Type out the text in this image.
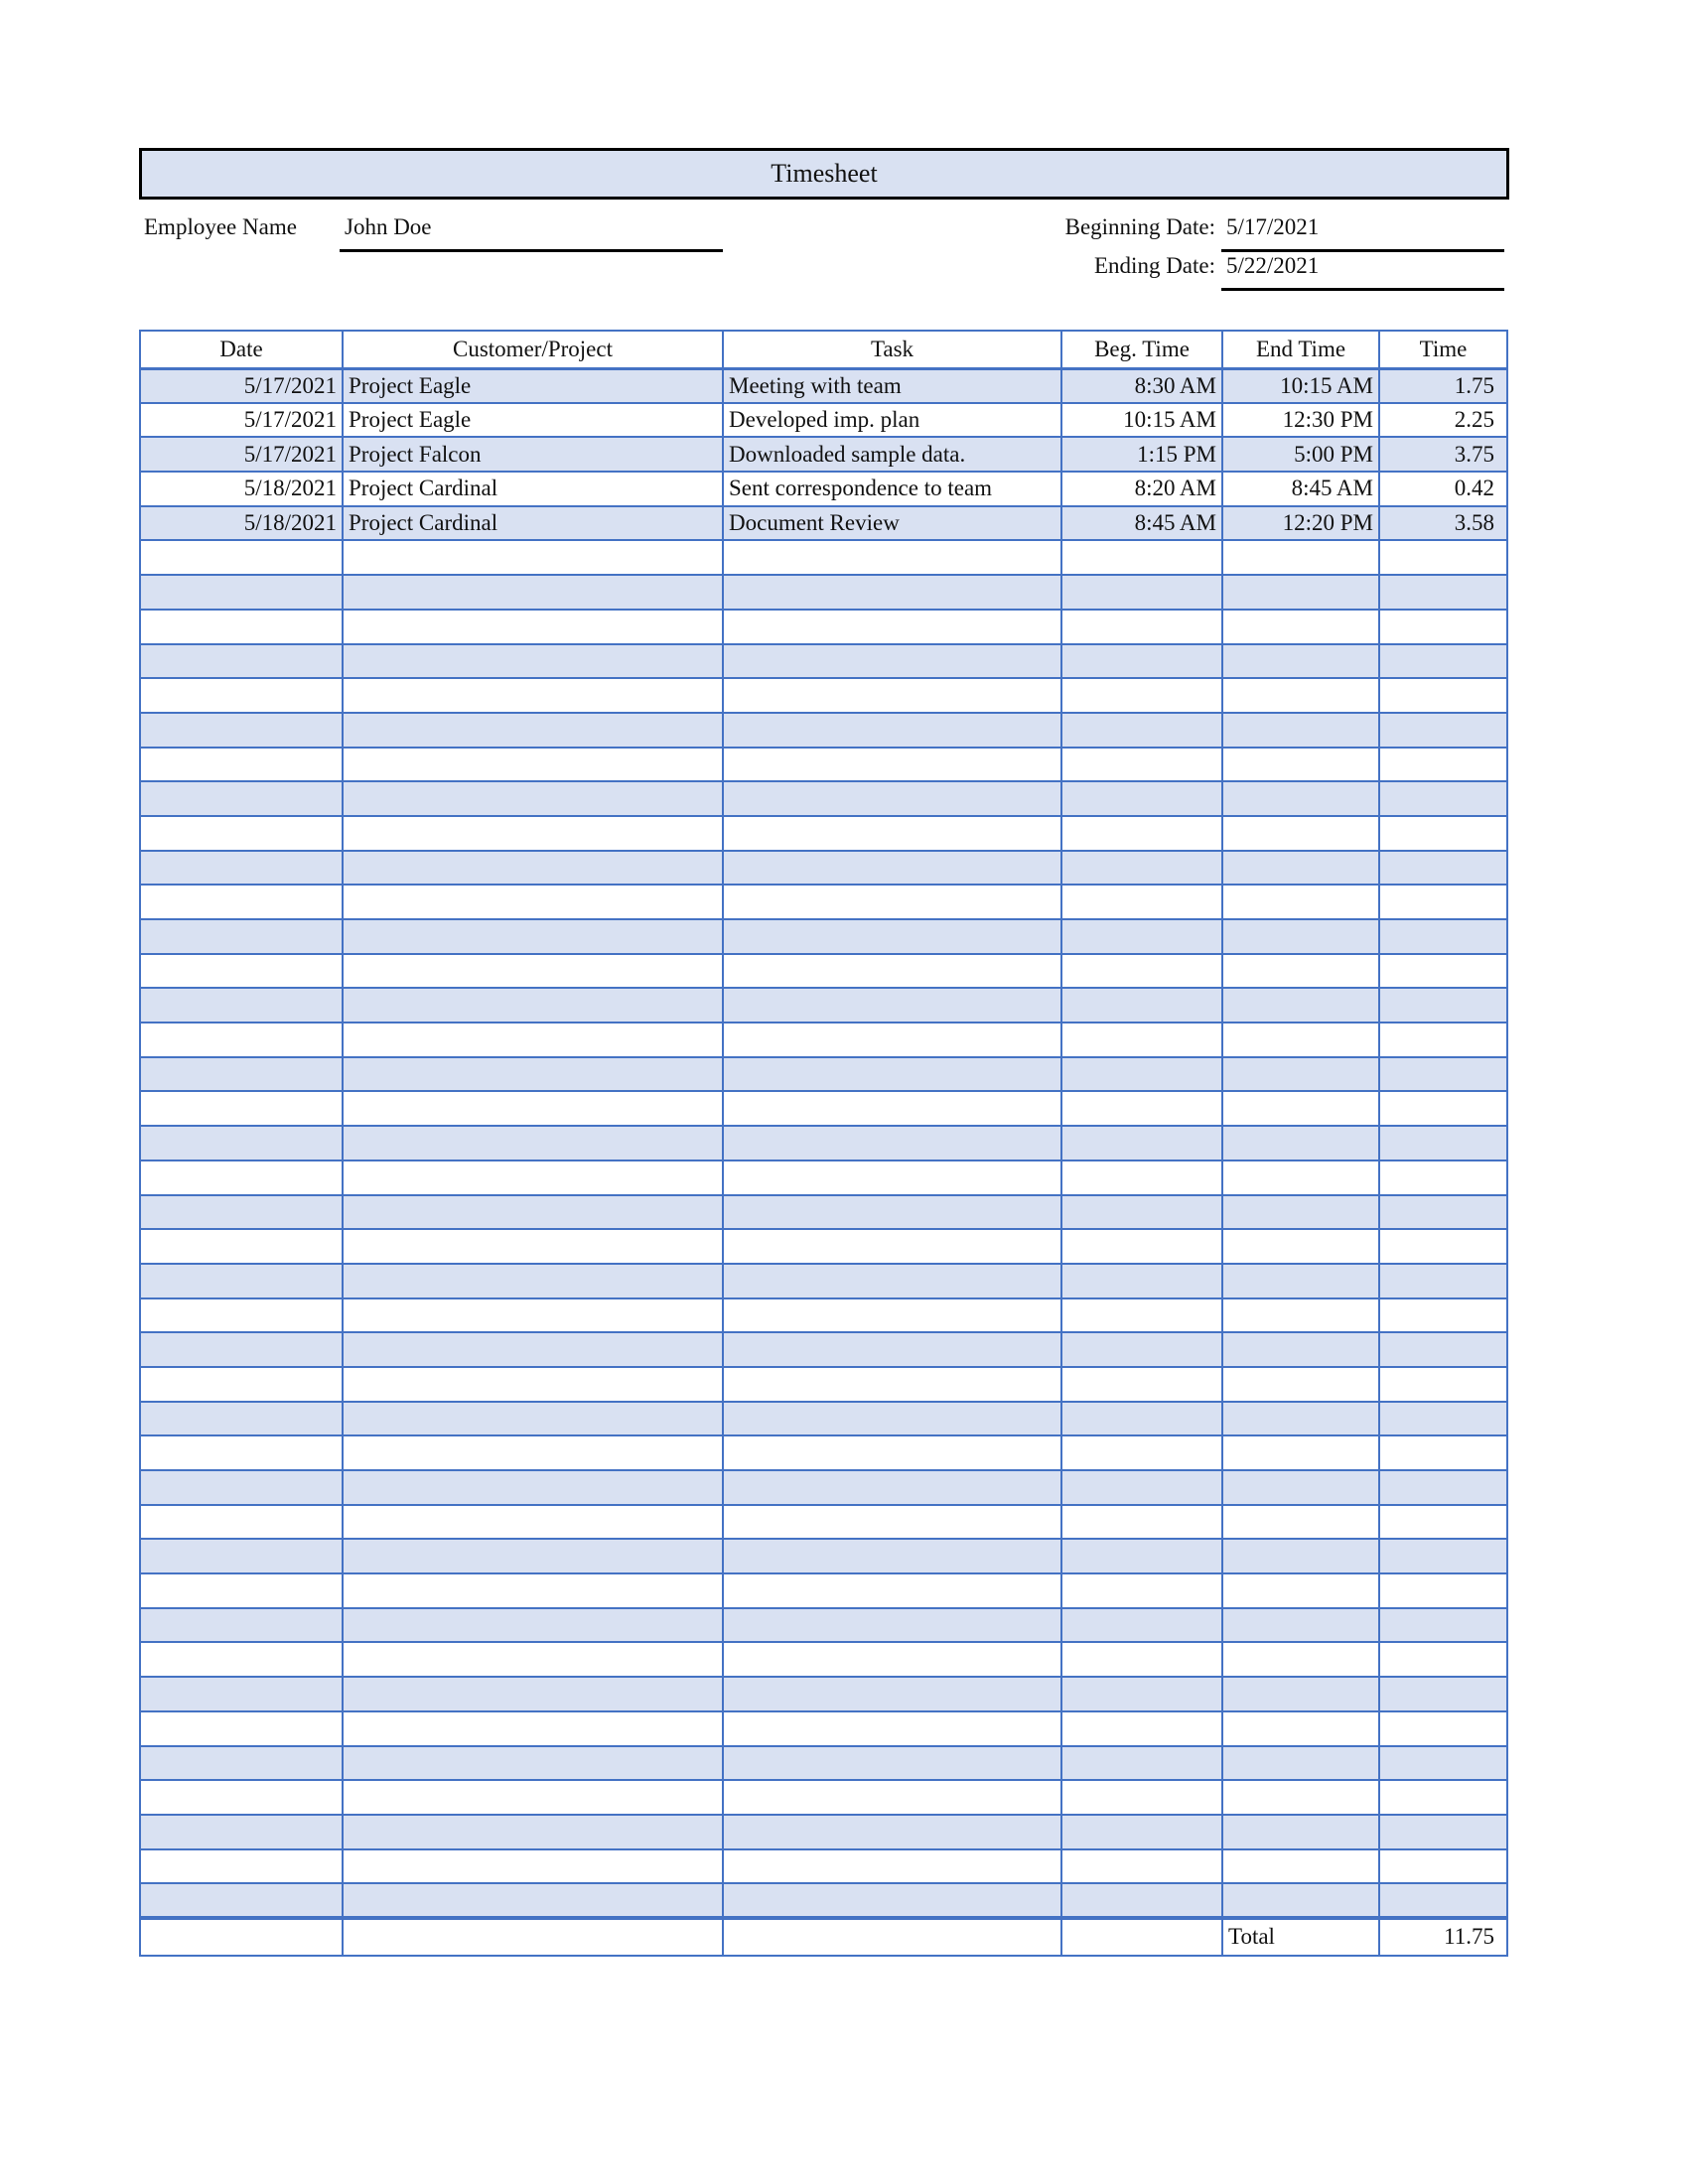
Timesheet
Employee Name John Doe	Beginning Date: 5/17/2021
Ending Date: 5/22/2021
Date	Customer/Project	Task	Beg. Time	End Time	Time
5/17/2021	Project Eagle	Meeting with team	8:30 AM	10:15 AM	1.75
5/17/2021	Project Eagle	Developed imp. plan	10:15 AM	12:30 PM	2.25
5/17/2021	Project Falcon	Downloaded sample data.	1:15 PM	5:00 PM	3.75
5/18/2021	Project Cardinal	Sent correspondence to team	8:20 AM	8:45 AM	0.42
5/18/2021	Project Cardinal	Document Review	8:45 AM	12:20 PM	3.58

				Total	11.75
